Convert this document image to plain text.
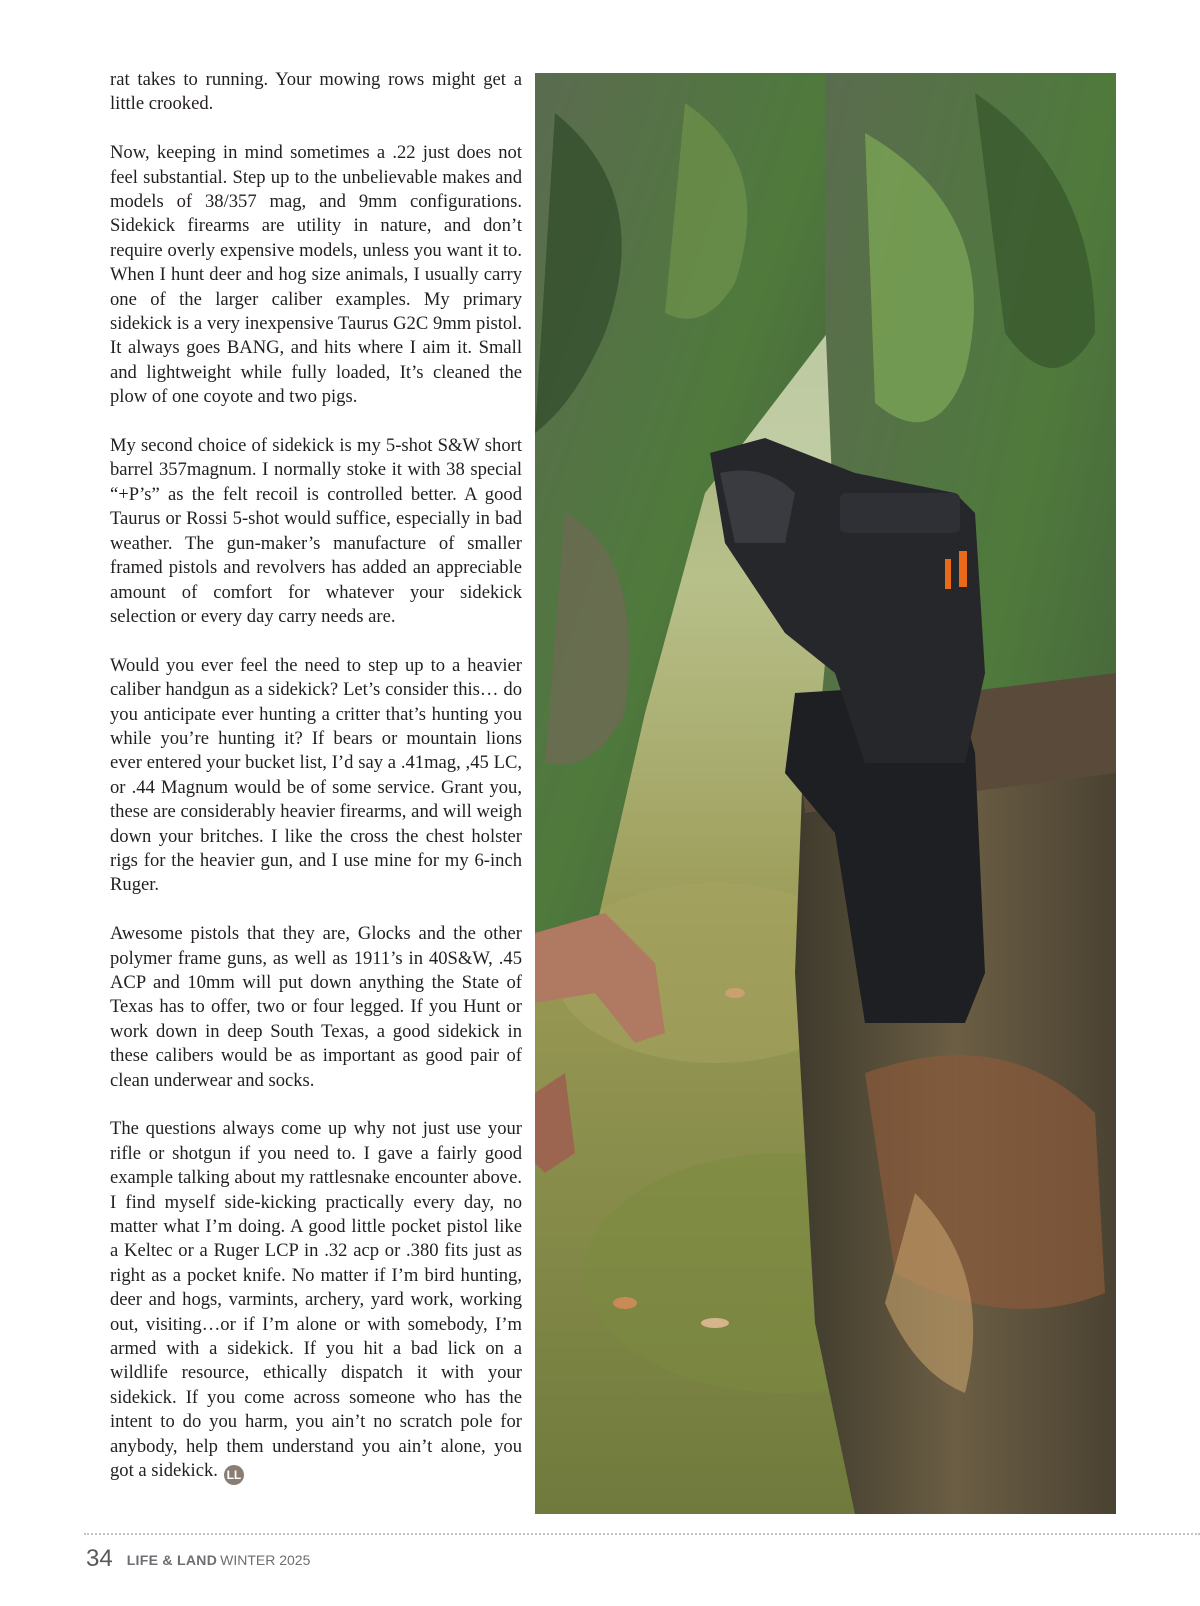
rat takes to running. Your mowing rows might get a little crooked.

Now, keeping in mind sometimes a .22 just does not feel substantial. Step up to the unbelievable makes and models of 38/357 mag, and 9mm configurations. Sidekick firearms are utility in nature, and don’t require overly expensive models, unless you want it to. When I hunt deer and hog size animals, I usually carry one of the larger caliber examples. My primary sidekick is a very inexpensive Taurus G2C 9mm pistol. It always goes BANG, and hits where I aim it. Small and lightweight while fully loaded, It’s cleaned the plow of one coyote and two pigs.

My second choice of sidekick is my 5-shot S&W short barrel 357magnum. I normally stoke it with 38 special “+P’s” as the felt recoil is controlled better. A good Taurus or Rossi 5-shot would suffice, especially in bad weather. The gun-maker’s manufacture of smaller framed pistols and revolvers has added an appreciable amount of comfort for whatever your sidekick selection or every day carry needs are.

Would you ever feel the need to step up to a heavier caliber handgun as a sidekick? Let’s consider this… do you anticipate ever hunting a critter that’s hunting you while you’re hunting it? If bears or mountain lions ever entered your bucket list, I’d say a .41mag, ,45 LC, or .44 Magnum would be of some service. Grant you, these are considerably heavier firearms, and will weigh down your britches. I like the cross the chest holster rigs for the heavier gun, and I use mine for my 6-inch Ruger.

Awesome pistols that they are, Glocks and the other polymer frame guns, as well as 1911’s in 40S&W, .45 ACP and 10mm will put down anything the State of Texas has to offer, two or four legged. If you Hunt or work down in deep South Texas, a good sidekick in these calibers would be as important as good pair of clean underwear and socks.

The questions always come up why not just use your rifle or shotgun if you need to. I gave a fairly good example talking about my rattlesnake encounter above. I find myself side-kicking practically every day, no matter what I’m doing. A good little pocket pistol like a Keltec or a Ruger LCP in .32 acp or .380 fits just as right as a pocket knife. No matter if I’m bird hunting, deer and hogs, varmints, archery, yard work, working out, visiting…or if I’m alone or with somebody, I’m armed with a sidekick. If you hit a bad lick on a wildlife resource, ethically dispatch it with your sidekick. If you come across someone who has the intent to do you harm, you ain’t no scratch pole for anybody, help them understand you ain’t alone, you got a sidekick. LL

34 LIFE & LAND WINTER 2025
